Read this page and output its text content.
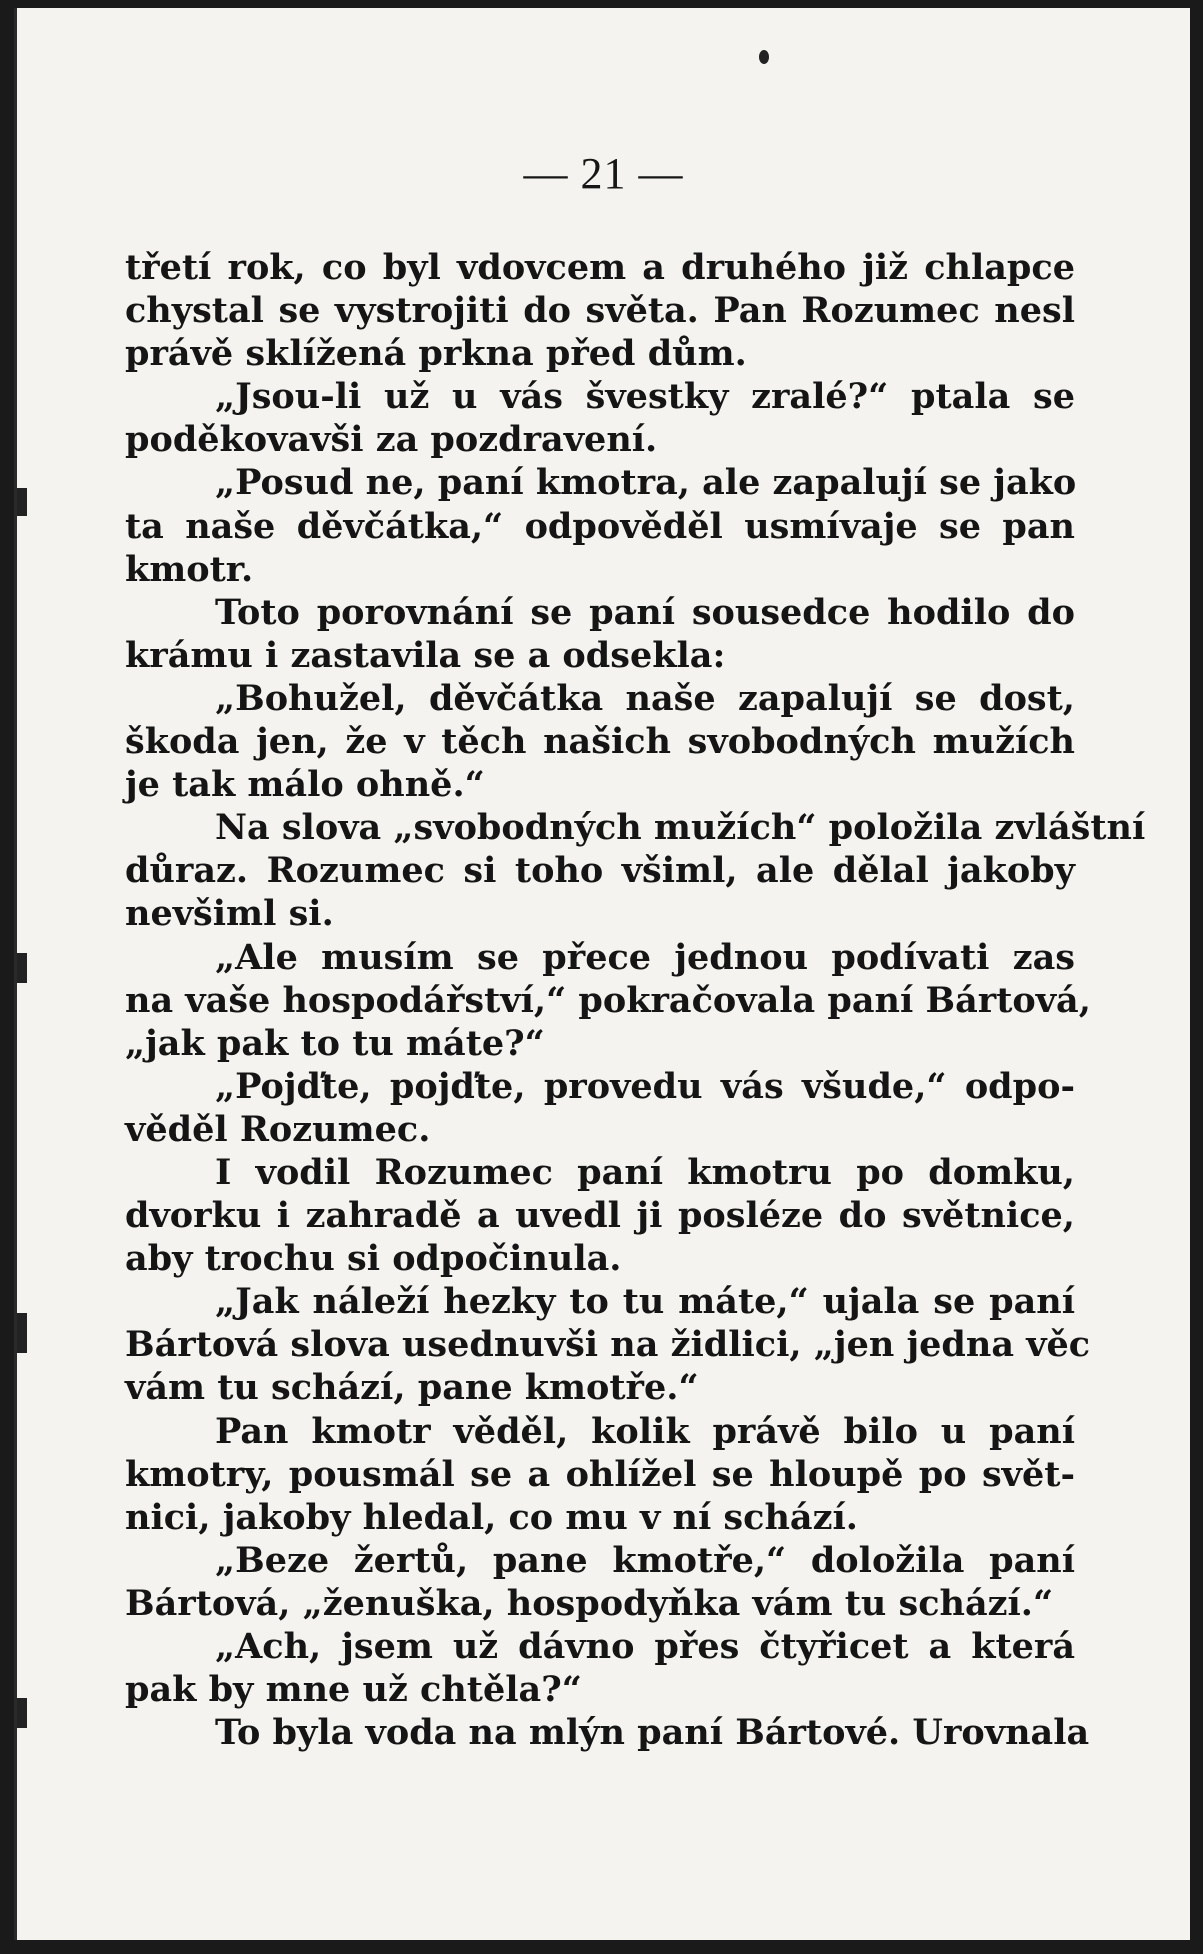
— 21 —
třetí rok, co byl vdovcem a druhého již chlapce
chystal se vystrojiti do světa. Pan Rozumec nesl
právě sklížená prkna před dům.
„Jsou-li už u vás švestky zralé?“ ptala se
poděkovavši za pozdravení.
„Posud ne, paní kmotra, ale zapalují se jako
ta naše děvčátka,“ odpověděl usmívaje se pan
kmotr.
Toto porovnání se paní sousedce hodilo do
krámu i zastavila se a odsekla:
„Bohužel, děvčátka naše zapalují se dost,
škoda jen, že v těch našich svobodných mužích
je tak málo ohně.“
Na slova „svobodných mužích“ položila zvláštní
důraz. Rozumec si toho všiml, ale dělal jakoby
nevšiml si.
„Ale musím se přece jednou podívati zas
na vaše hospodářství,“ pokračovala paní Bártová,
„jak pak to tu máte?“
„Pojďte, pojďte, provedu vás všude,“ odpo-
věděl Rozumec.
I vodil Rozumec paní kmotru po domku,
dvorku i zahradě a uvedl ji posléze do světnice,
aby trochu si odpočinula.
„Jak náleží hezky to tu máte,“ ujala se paní
Bártová slova usednuvši na židlici, „jen jedna věc
vám tu schází, pane kmotře.“
Pan kmotr věděl, kolik právě bilo u paní
kmotry, pousmál se a ohlížel se hloupě po svět-
nici, jakoby hledal, co mu v ní schází.
„Beze žertů, pane kmotře,“ doložila paní
Bártová, „ženuška, hospodyňka vám tu schází.“
„Ach, jsem už dávno přes čtyřicet a která
pak by mne už chtěla?“
To byla voda na mlýn paní Bártové. Urovnala
